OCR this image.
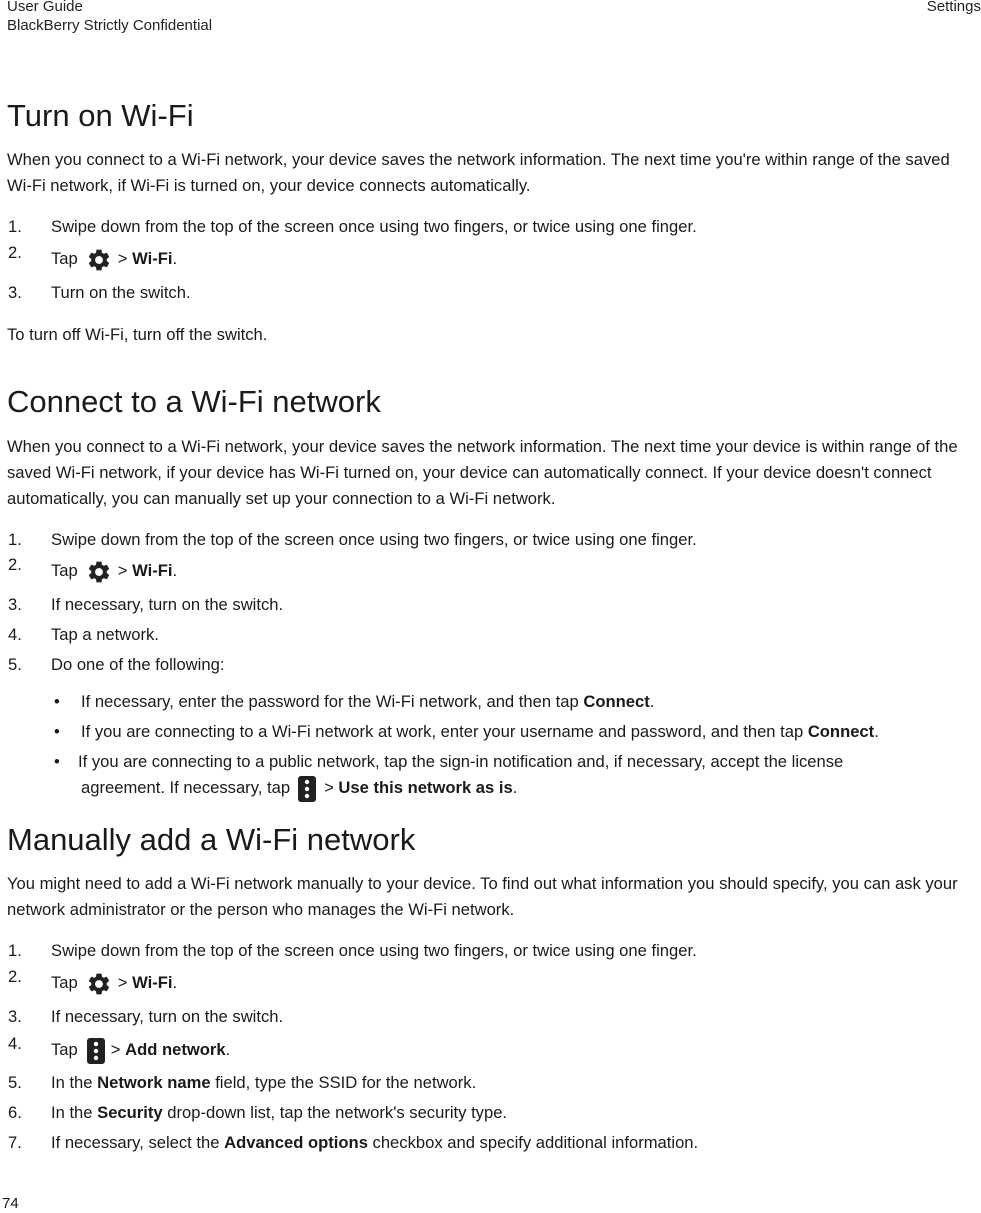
User Guide
BlackBerry Strictly Confidential
Settings
Turn on Wi-Fi

When you connect to a Wi-Fi network, your device saves the network information. The next time you're within range of the saved Wi-Fi network, if Wi-Fi is turned on, your device connects automatically.

1. Swipe down from the top of the screen once using two fingers, or twice using one finger.
2. Tap > Wi-Fi.
3. Turn on the switch.

To turn off Wi-Fi, turn off the switch.

Connect to a Wi-Fi network

When you connect to a Wi-Fi network, your device saves the network information. The next time your device is within range of the saved Wi-Fi network, if your device has Wi-Fi turned on, your device can automatically connect. If your device doesn't connect automatically, you can manually set up your connection to a Wi-Fi network.

1. Swipe down from the top of the screen once using two fingers, or twice using one finger.
2. Tap > Wi-Fi.
3. If necessary, turn on the switch.
4. Tap a network.
5. Do one of the following:
• If necessary, enter the password for the Wi-Fi network, and then tap Connect.
• If you are connecting to a Wi-Fi network at work, enter your username and password, and then tap Connect.
• If you are connecting to a public network, tap the sign-in notification and, if necessary, accept the license
agreement. If necessary, tap > Use this network as is.
Manually add a Wi-Fi network

You might need to add a Wi-Fi network manually to your device. To find out what information you should specify, you can ask your network administrator or the person who manages the Wi-Fi network.

1. Swipe down from the top of the screen once using two fingers, or twice using one finger.
2. Tap > Wi-Fi.
3. If necessary, turn on the switch.
4. Tap > Add network.
5. In the Network name field, type the SSID for the network.
6. In the Security drop-down list, tap the network's security type.
7. If necessary, select the Advanced options checkbox and specify additional information.
74
